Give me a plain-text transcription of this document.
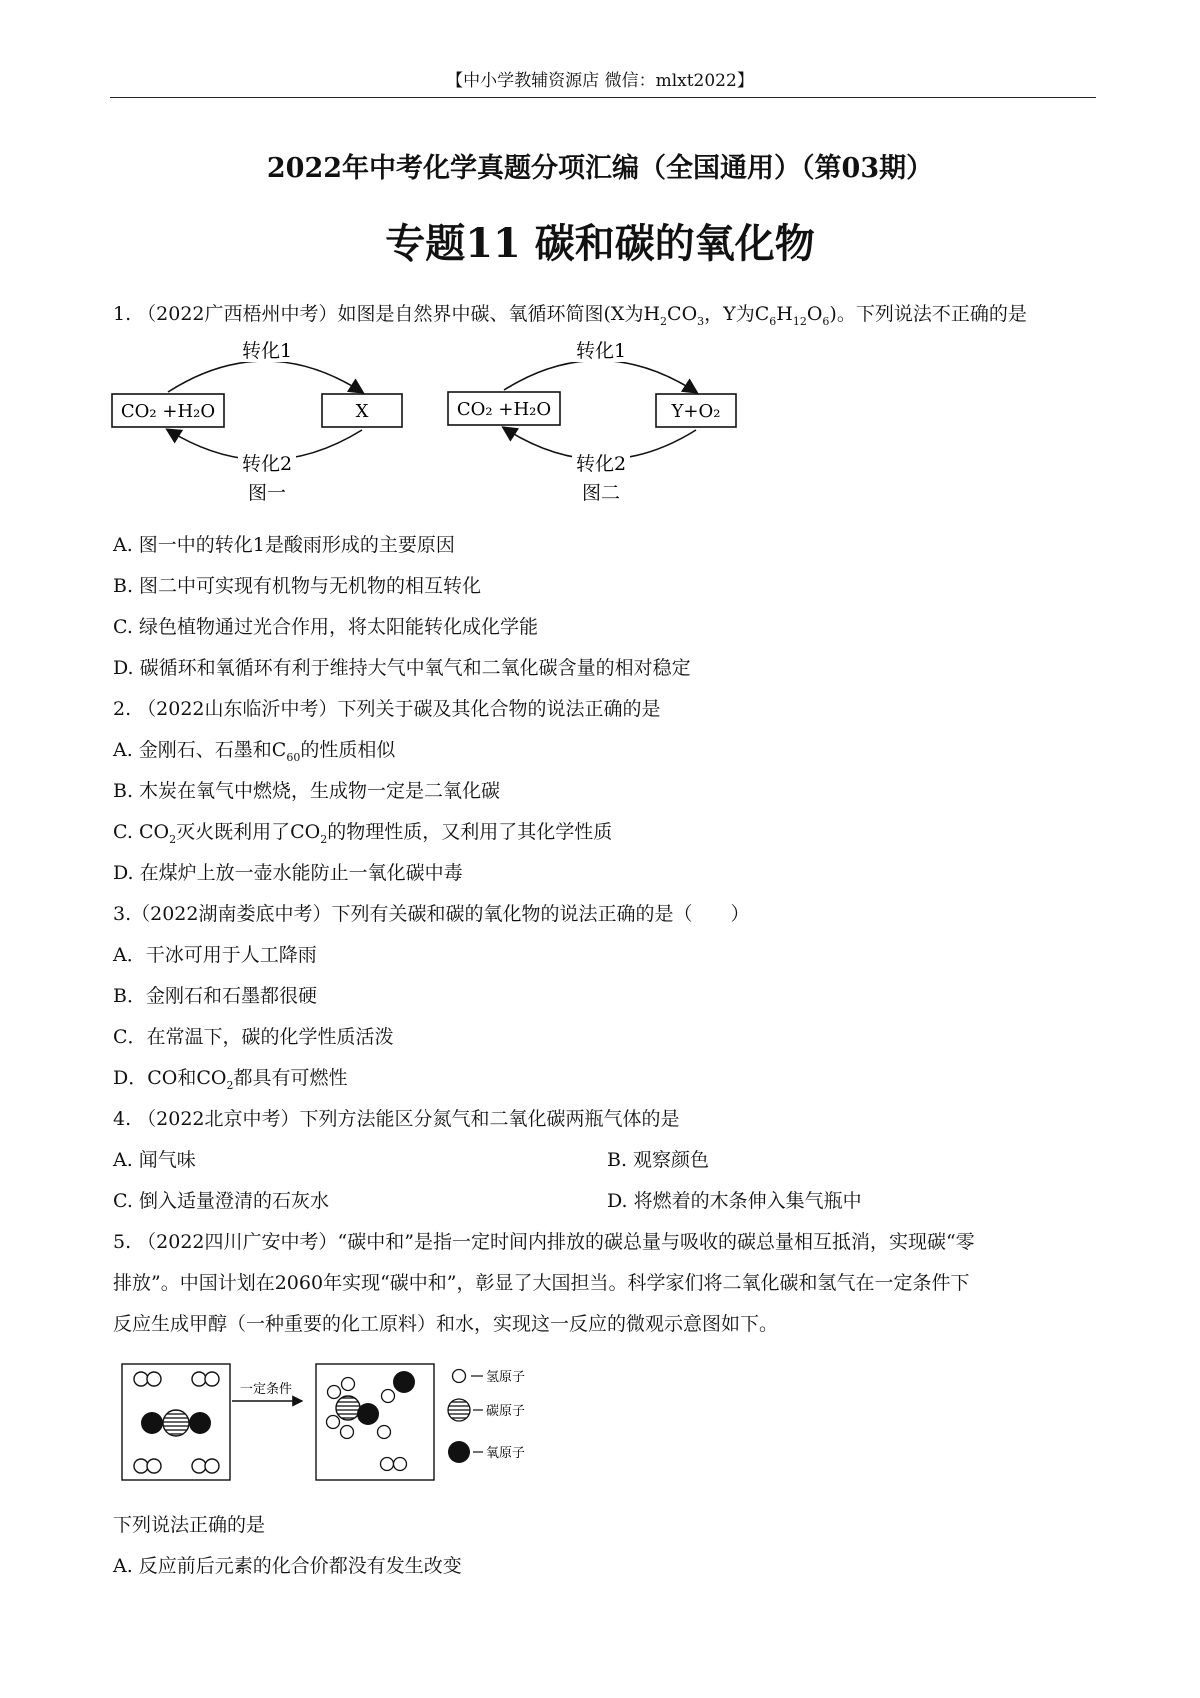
【中小学教辅资源店 微信：mlxt2022】
2022年中考化学真题分项汇编（全国通用）（第03期）
专题11 碳和碳的氧化物
1. （2022广西梧州中考）如图是自然界中碳、氧循环简图(X为$H_2CO_3$，Y为$C_6H_{12}O_6$)。下列说法不正确的是
CO₂ +H₂O	X
转化1
转化2
图一
CO₂ +H₂O	Y+O₂
转化1
转化2
图二
A. 图一中的转化1是酸雨形成的主要原因
B. 图二中可实现有机物与无机物的相互转化
C. 绿色植物通过光合作用，将太阳能转化成化学能
D. 碳循环和氧循环有利于维持大气中氧气和二氧化碳含量的相对稳定
2. （2022山东临沂中考）下列关于碳及其化合物的说法正确的是
A. 金刚石、石墨和$C_{60}$的性质相似
B. 木炭在氧气中燃烧，生成物一定是二氧化碳
C. $CO_2$灭火既利用了$CO_2$的物理性质，又利用了其化学性质
D. 在煤炉上放一壶水能防止一氧化碳中毒
3.（2022湖南娄底中考）下列有关碳和碳的氧化物的说法正确的是（　　）
A．干冰可用于人工降雨
B．金刚石和石墨都很硬
C．在常温下，碳的化学性质活泼
D．CO和$CO_2$都具有可燃性
4. （2022北京中考）下列方法能区分氮气和二氧化碳两瓶气体的是
A. 闻气味	B. 观察颜色
C. 倒入适量澄清的石灰水	D. 将燃着的木条伸入集气瓶中
5. （2022四川广安中考）“碳中和”是指一定时间内排放的碳总量与吸收的碳总量相互抵消，实现碳“零
排放”。中国计划在2060年实现“碳中和”，彰显了大国担当。科学家们将二氧化碳和氢气在一定条件下
反应生成甲醇（一种重要的化工原料）和水，实现这一反应的微观示意图如下。
一定条件
氢原子
碳原子
氧原子
下列说法正确的是
A. 反应前后元素的化合价都没有发生改变
